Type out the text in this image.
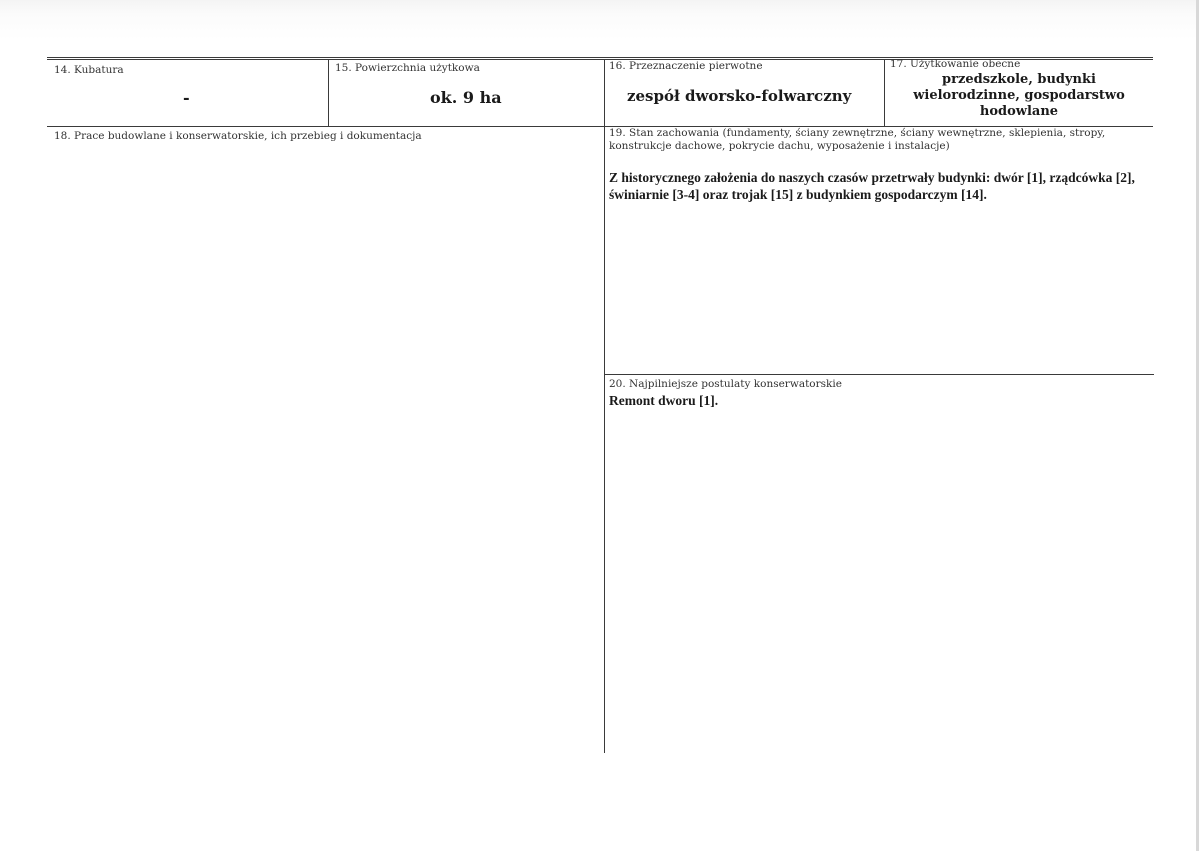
14. Kubatura
-
15. Powierzchnia użytkowa
ok. 9 ha
16. Przeznaczenie pierwotne
zespół dworsko-folwarczny
17. Użytkowanie obecne
przedszkole, budynki
wielorodzinne, gospodarstwo
hodowlane
18. Prace budowlane i konserwatorskie, ich przebieg i dokumentacja	19. Stan zachowania (fundamenty, ściany zewnętrzne, ściany wewnętrzne, sklepienia, stropy, konstrukcje dachowe, pokrycie dachu, wyposażenie i instalacje)
Z historycznego założenia do naszych czasów przetrwały budynki: dwór [1], rządcówka [2], świniarnie [3-4] oraz trojak [15] z budynkiem gospodarczym [14].
20. Najpilniejsze postulaty konserwatorskie
Remont dworu [1].
